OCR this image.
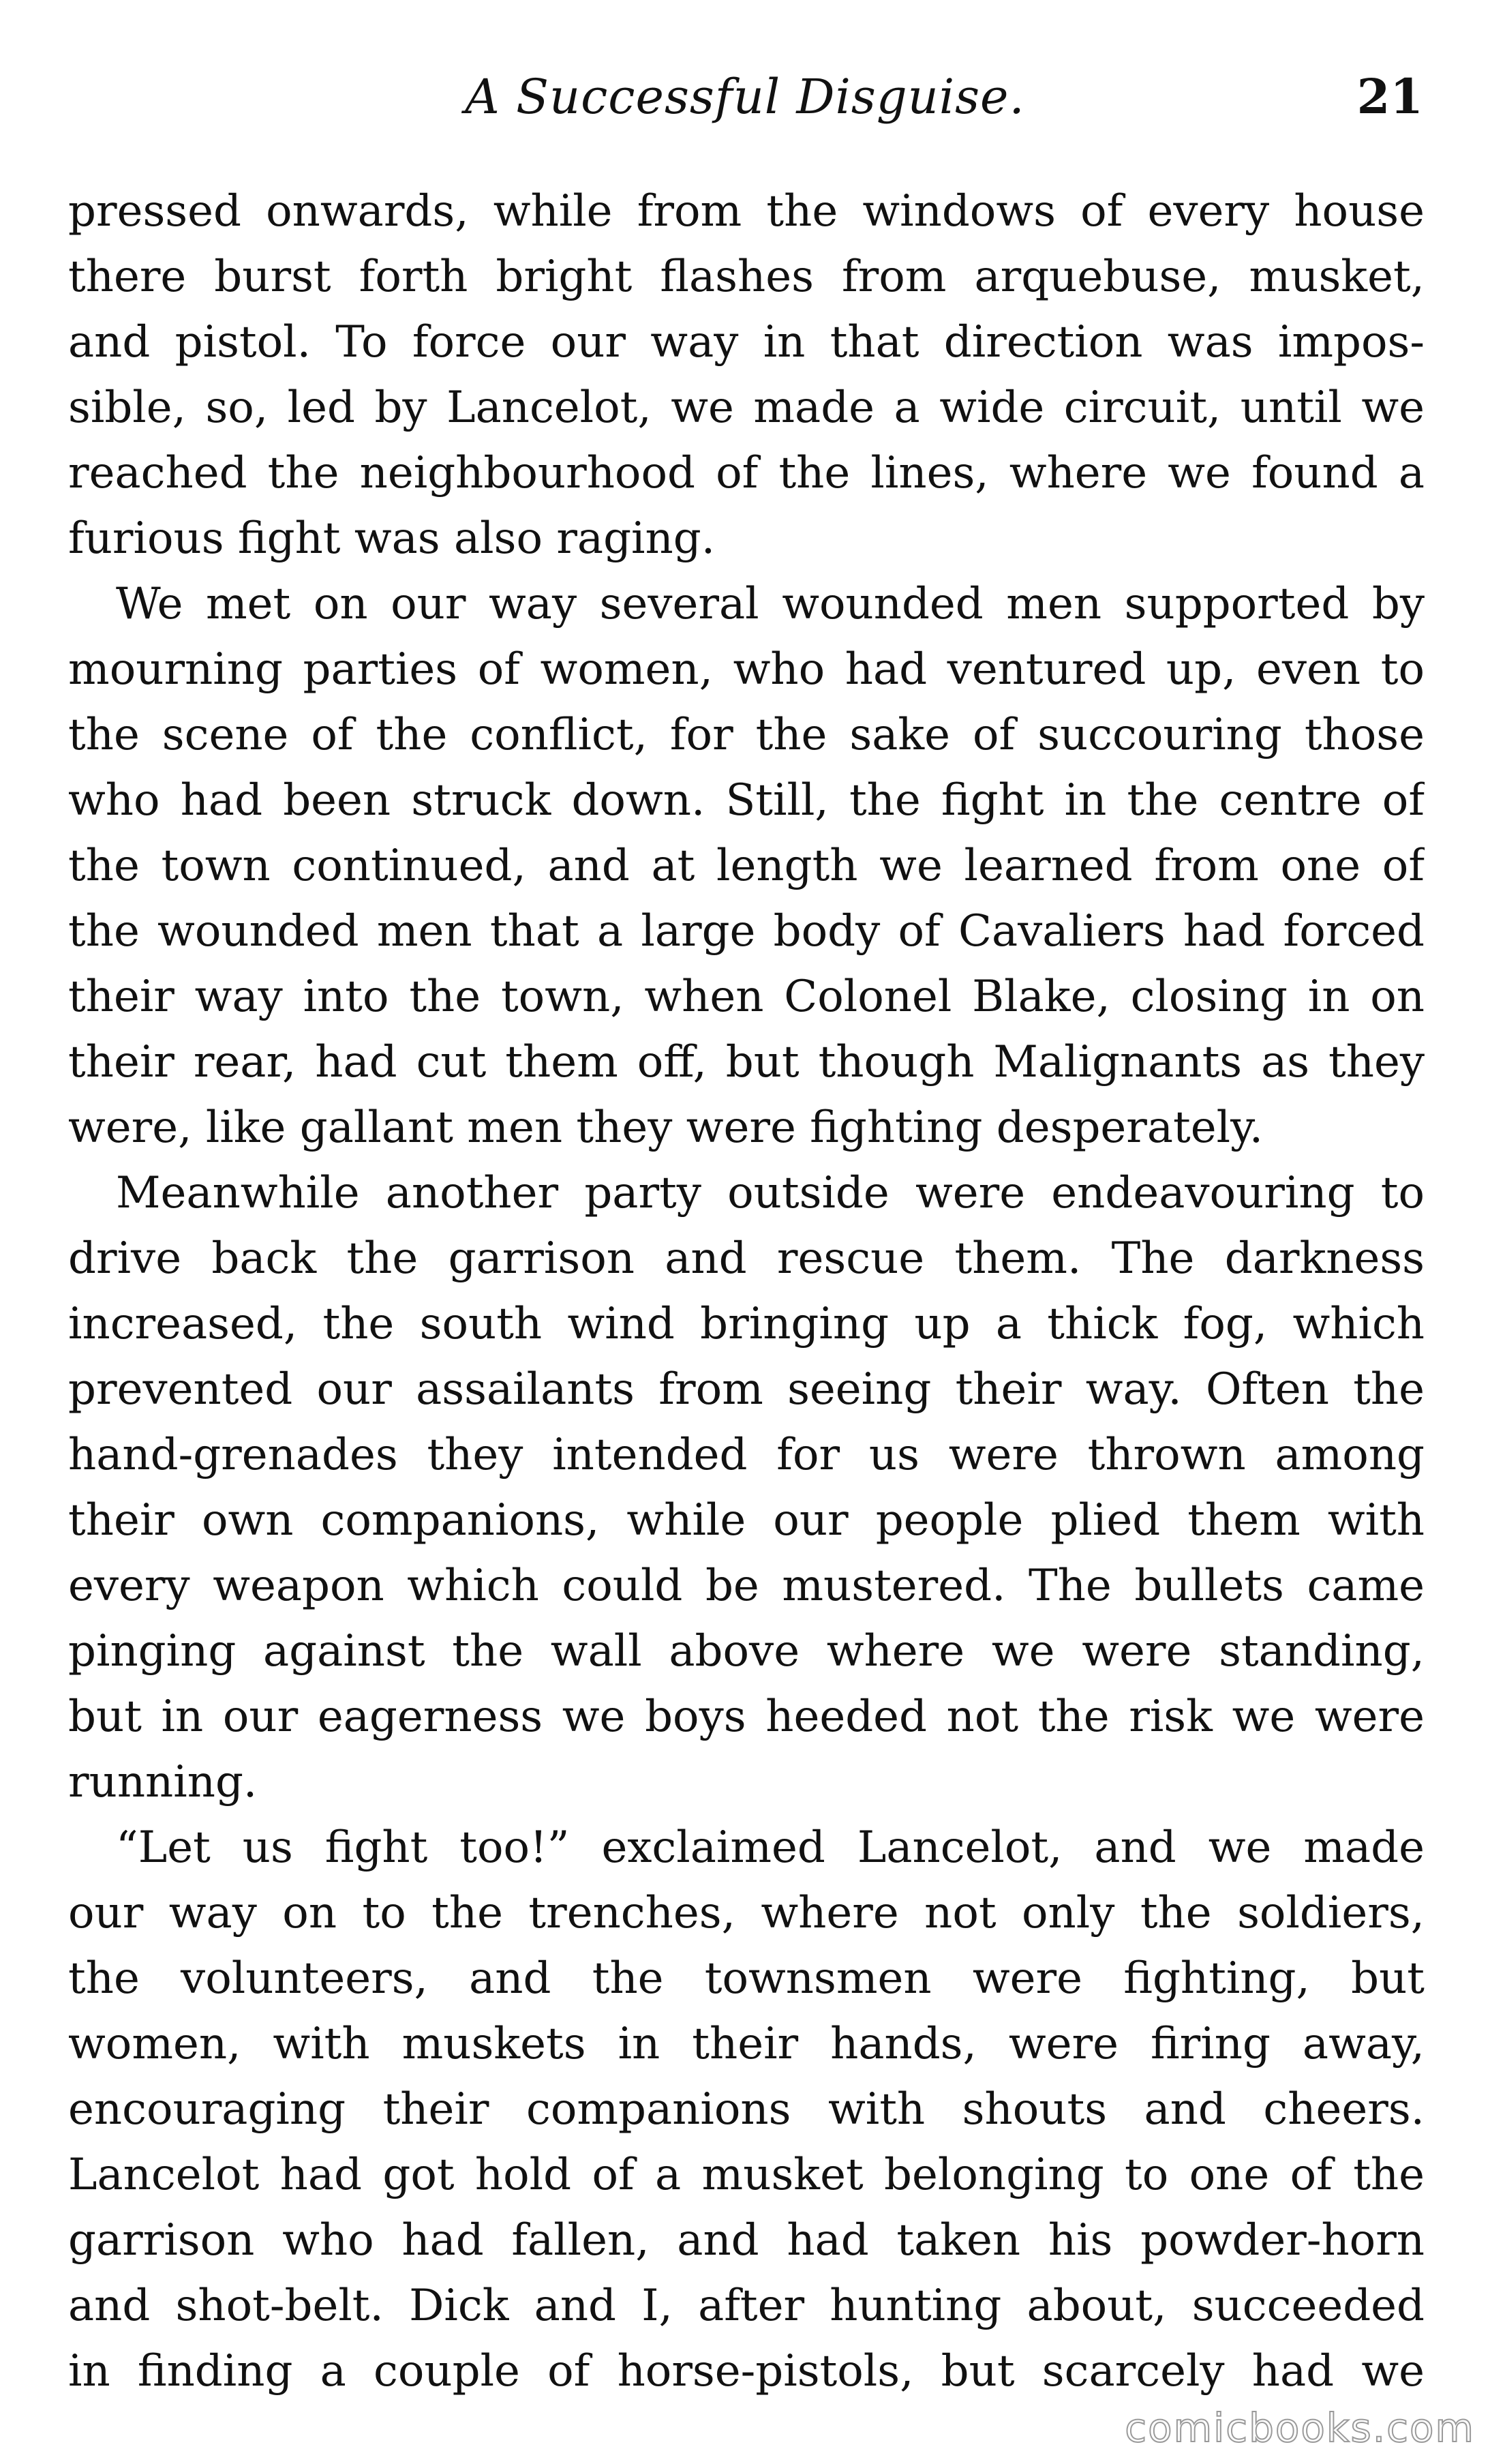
A Successful Disguise.	21
pressed onwards, while from the windows of every house
there burst forth bright flashes from arquebuse, musket,
and pistol. To force our way in that direction was impos-
sible, so, led by Lancelot, we made a wide circuit, until we
reached the neighbourhood of the lines, where we found a
furious fight was also raging.
We met on our way several wounded men supported by
mourning parties of women, who had ventured up, even to
the scene of the conflict, for the sake of succouring those
who had been struck down. Still, the fight in the centre of
the town continued, and at length we learned from one of
the wounded men that a large body of Cavaliers had forced
their way into the town, when Colonel Blake, closing in on
their rear, had cut them off, but though Malignants as they
were, like gallant men they were fighting desperately.
Meanwhile another party outside were endeavouring to
drive back the garrison and rescue them. The darkness
increased, the south wind bringing up a thick fog, which
prevented our assailants from seeing their way. Often the
hand-grenades they intended for us were thrown among
their own companions, while our people plied them with
every weapon which could be mustered. The bullets came
pinging against the wall above where we were standing,
but in our eagerness we boys heeded not the risk we were
running.
“Let us fight too!” exclaimed Lancelot, and we made
our way on to the trenches, where not only the soldiers,
the volunteers, and the townsmen were fighting, but
women, with muskets in their hands, were firing away,
encouraging their companions with shouts and cheers.
Lancelot had got hold of a musket belonging to one of the
garrison who had fallen, and had taken his powder-horn
and shot-belt. Dick and I, after hunting about, succeeded
in finding a couple of horse-pistols, but scarcely had we
comicbooks.com
